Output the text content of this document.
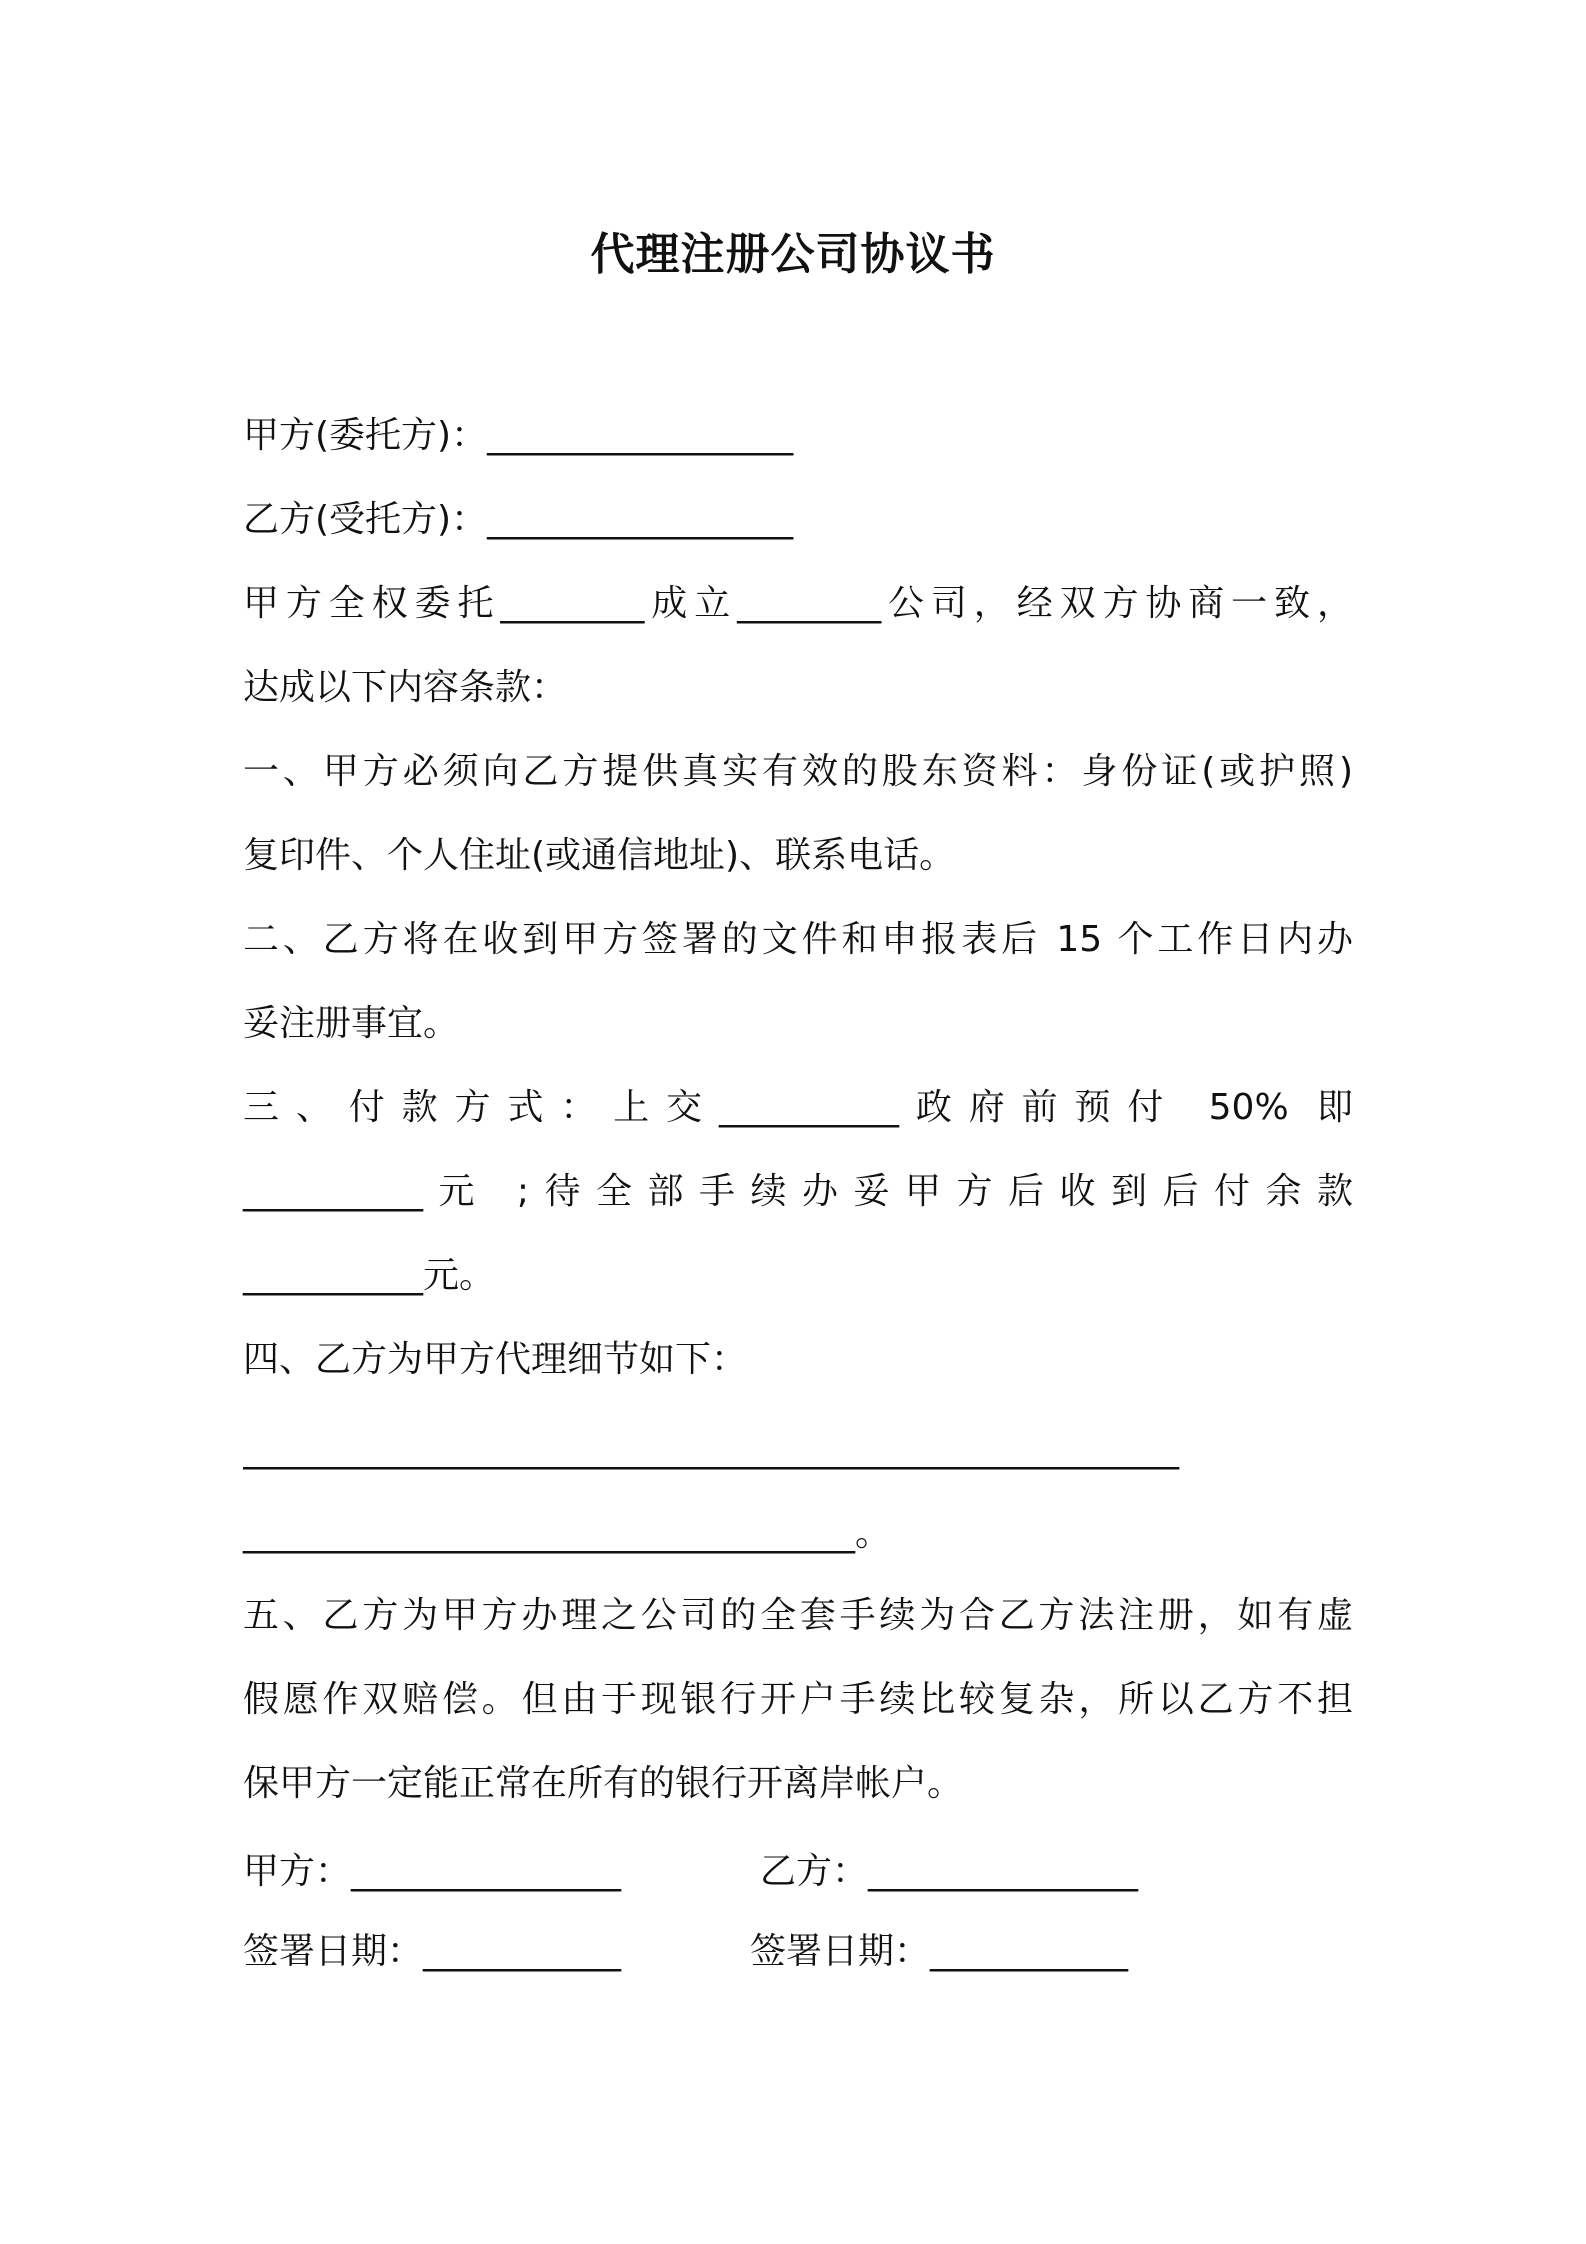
代理注册公司协议书
甲方(委托方)：_________________
乙方(受托方)：_________________
甲方全权委托________成立________公司，经双方协商一致，
达成以下内容条款：
一、甲方必须向乙方提供真实有效的股东资料：身份证(或护照)
复印件、个人住址(或通信地址)、联系电话。
二、乙方将在收到甲方签署的文件和申报表后 15 个工作日内办
妥注册事宜。
三、付款方式：上交__________政府前预付 50% 即
__________元 ;待全部手续办妥甲方后收到后付余款
__________元。
四、乙方为甲方代理细节如下：
____________________________________________________
__________________________________。
五、乙方为甲方办理之公司的全套手续为合乙方法注册，如有虚
假愿作双赔偿。但由于现银行开户手续比较复杂，所以乙方不担
保甲方一定能正常在所有的银行开离岸帐户。
甲方：_______________	乙方：_______________
签署日期：___________	签署日期：___________
